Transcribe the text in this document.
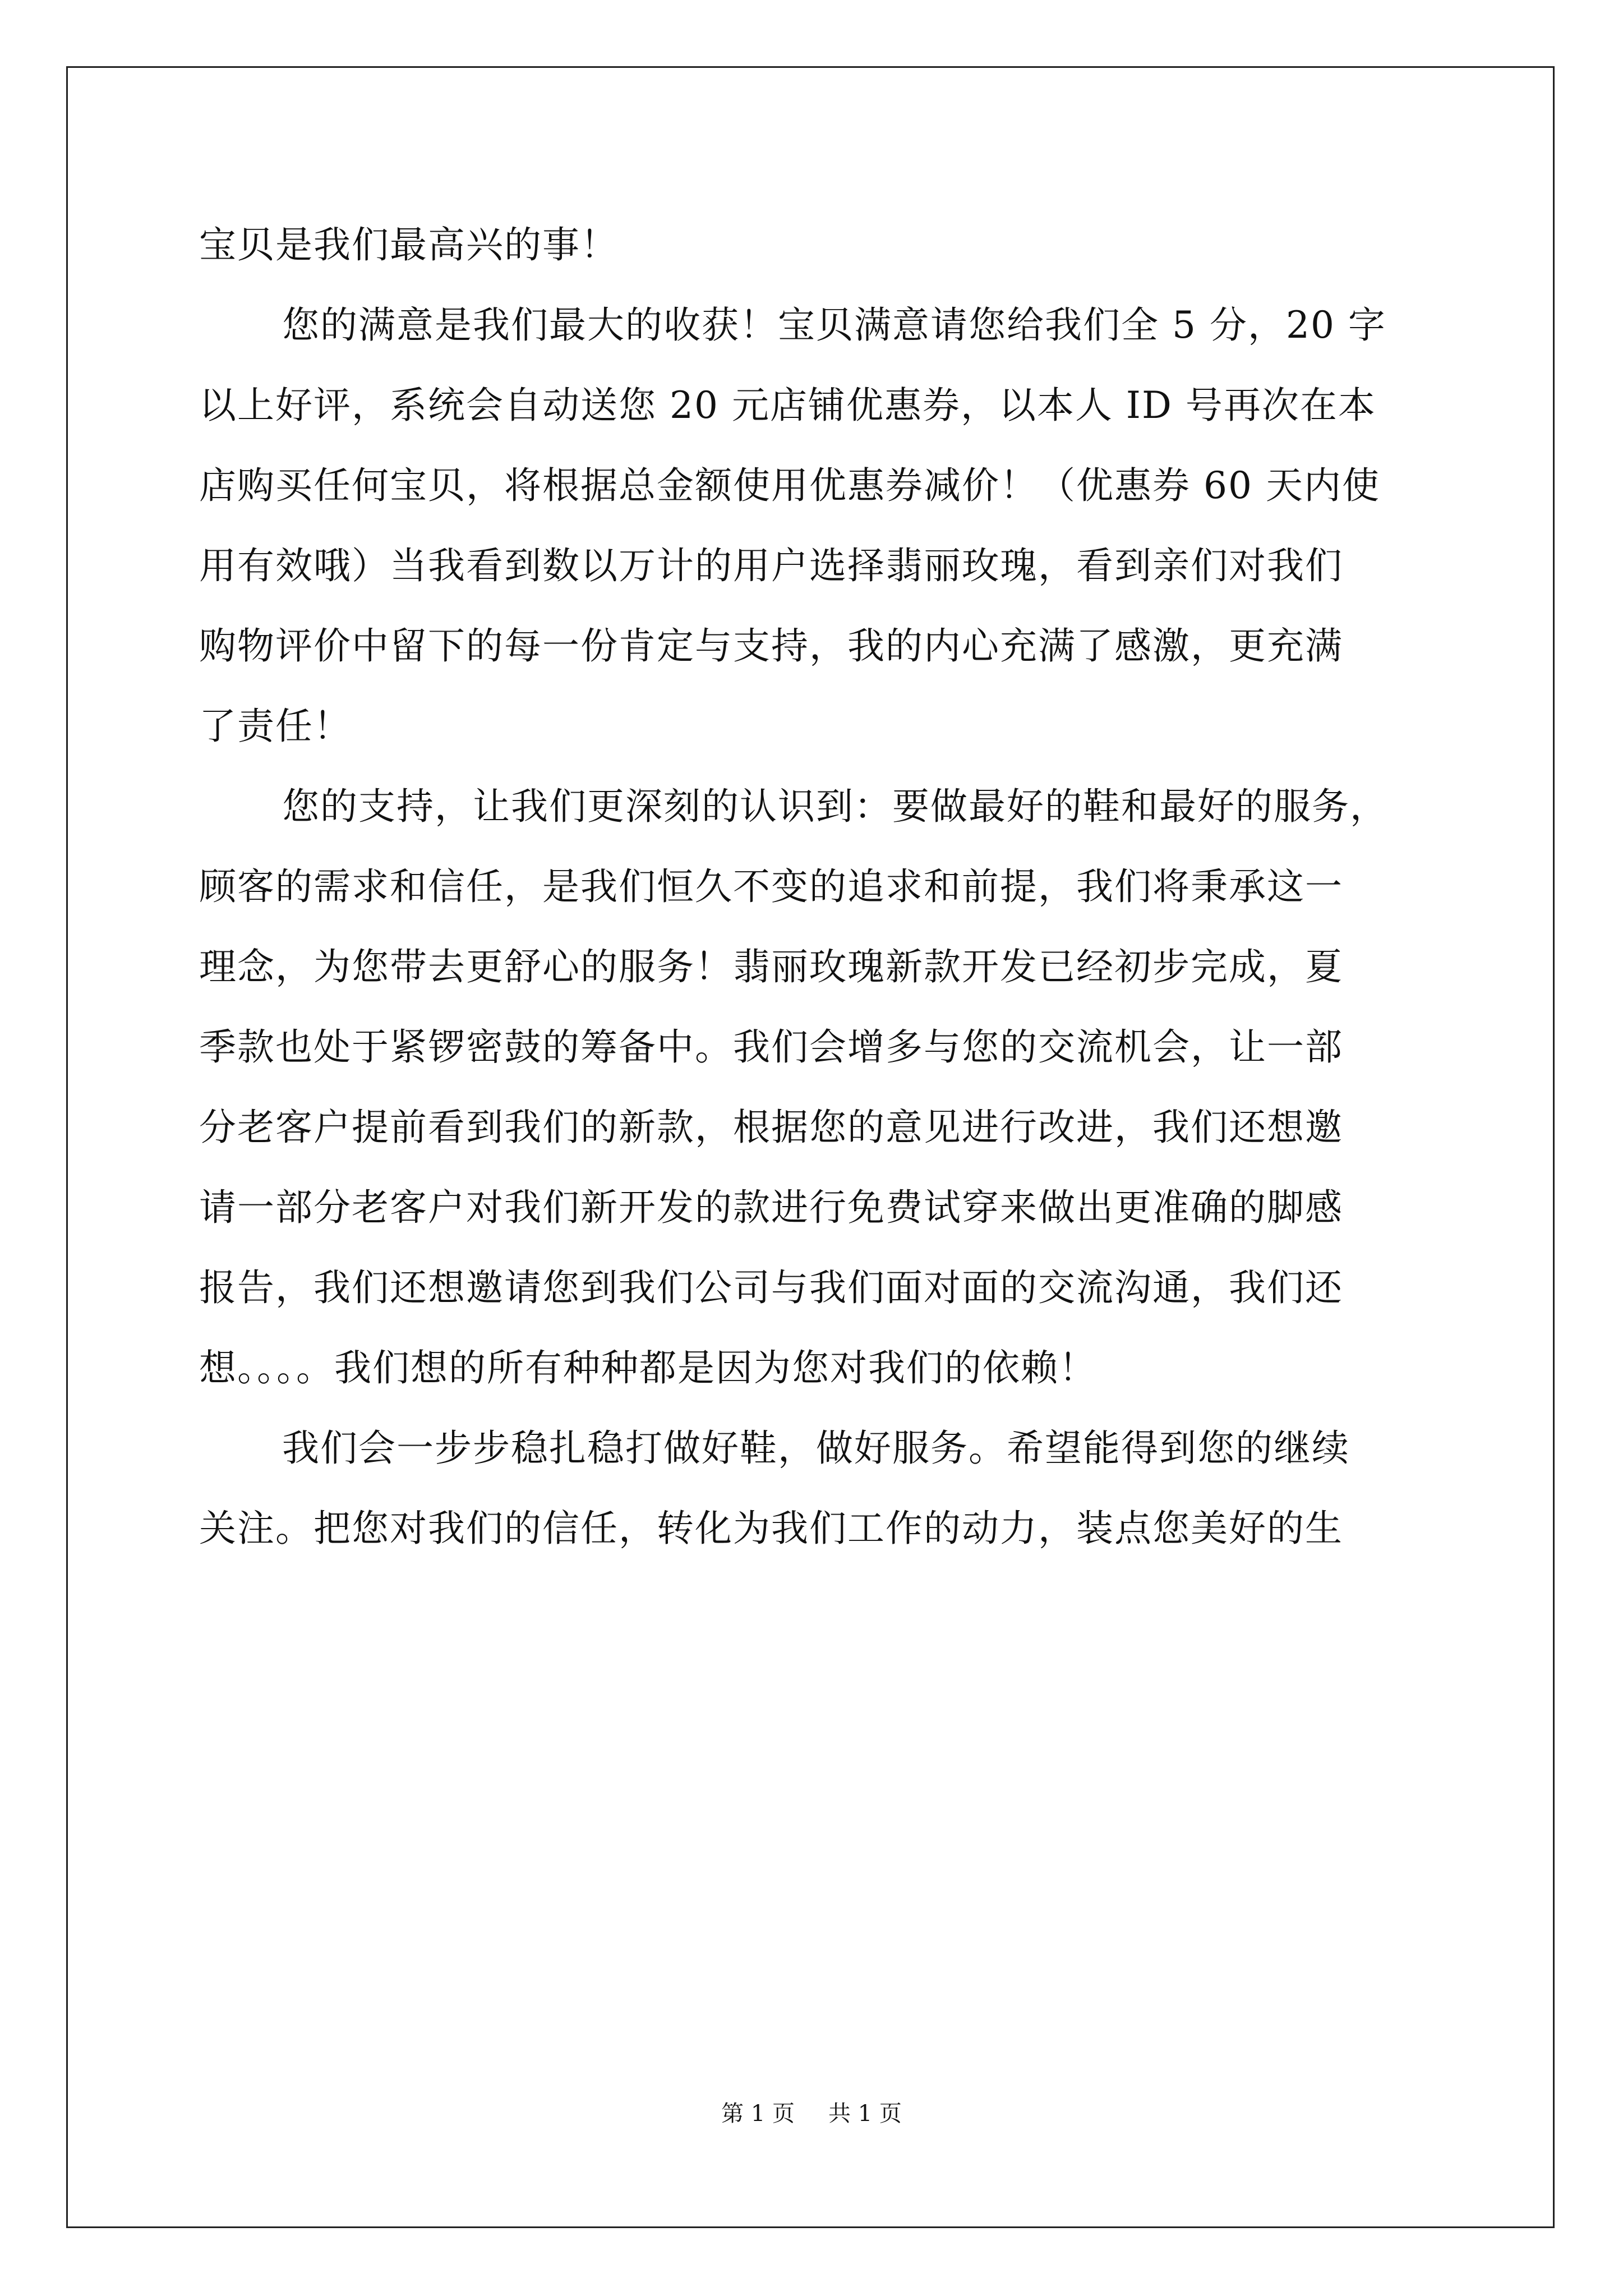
宝贝是我们最高兴的事！
您的满意是我们最大的收获！宝贝满意请您给我们全 5 分，20 字
以上好评，系统会自动送您 20 元店铺优惠券，以本人 ID 号再次在本
店购买任何宝贝，将根据总金额使用优惠券减价！（优惠券 60 天内使
用有效哦）当我看到数以万计的用户选择翡丽玫瑰，看到亲们对我们
购物评价中留下的每一份肯定与支持，我的内心充满了感激，更充满
了责任！
您的支持，让我们更深刻的认识到：要做最好的鞋和最好的服务，
顾客的需求和信任，是我们恒久不变的追求和前提，我们将秉承这一
理念，为您带去更舒心的服务！翡丽玫瑰新款开发已经初步完成，夏
季款也处于紧锣密鼓的筹备中。我们会增多与您的交流机会，让一部
分老客户提前看到我们的新款，根据您的意见进行改进，我们还想邀
请一部分老客户对我们新开发的款进行免费试穿来做出更准确的脚感
报告，我们还想邀请您到我们公司与我们面对面的交流沟通，我们还
想。。。。我们想的所有种种都是因为您对我们的依赖！
我们会一步步稳扎稳打做好鞋，做好服务。希望能得到您的继续
关注。把您对我们的信任，转化为我们工作的动力，装点您美好的生
第 1 页 共 1 页
